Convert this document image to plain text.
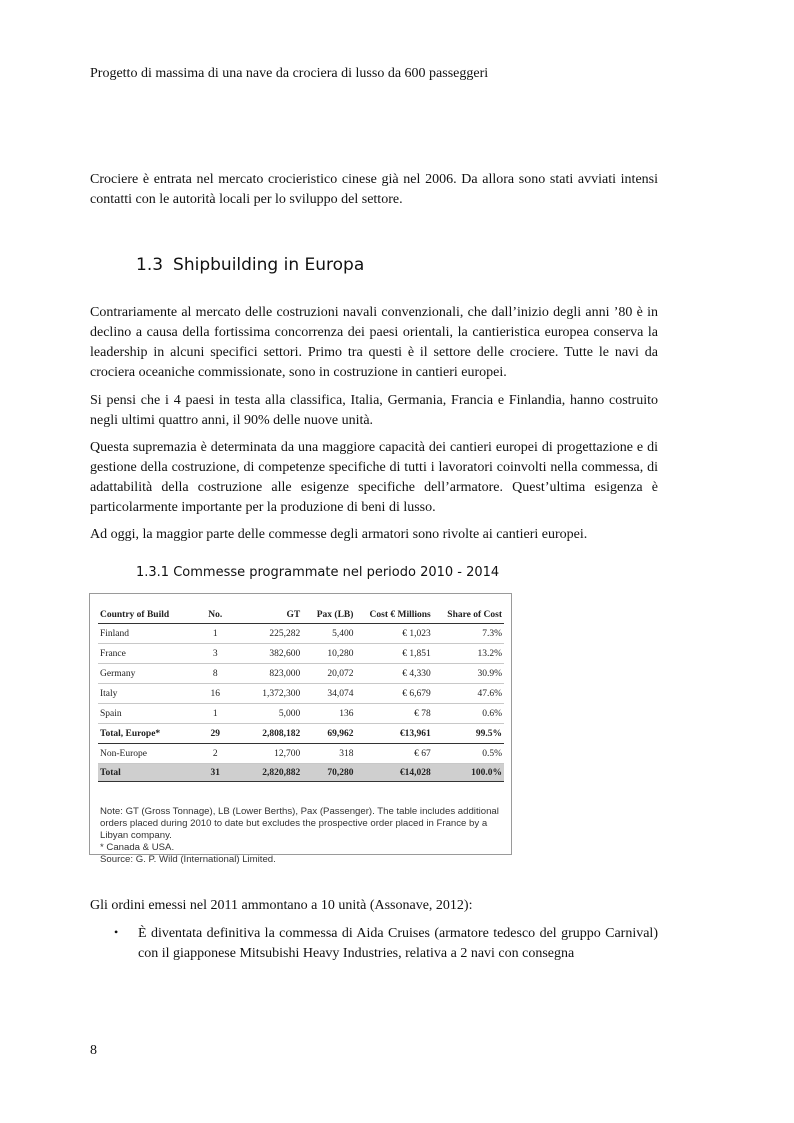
Progetto di massima di una nave da crociera di lusso da 600 passeggeri

Crociere è entrata nel mercato crocieristico cinese già nel 2006. Da allora sono stati avviati intensi contatti con le autorità locali per lo sviluppo del settore.

1.3 Shipbuilding in Europa

Contrariamente al mercato delle costruzioni navali convenzionali, che dall’inizio degli anni ’80 è in declino a causa della fortissima concorrenza dei paesi orientali, la cantieristica europea conserva la leadership in alcuni specifici settori. Primo tra questi è il settore delle crociere. Tutte le navi da crociera oceaniche commissionate, sono in costruzione in cantieri europei.

Si pensi che i 4 paesi in testa alla classifica, Italia, Germania, Francia e Finlandia, hanno costruito negli ultimi quattro anni, il 90% delle nuove unità.

Questa supremazia è determinata da una maggiore capacità dei cantieri europei di progettazione e di gestione della costruzione, di competenze specifiche di tutti i lavoratori coinvolti nella commessa, di adattabilità della costruzione alle esigenze specifiche dell’armatore. Quest’ultima esigenza è particolarmente importante per la produzione di beni di lusso.

Ad oggi, la maggior parte delle commesse degli armatori sono rivolte ai cantieri europei.

1.3.1 Commesse programmate nel periodo 2010 - 2014
Country of Build	No.	GT	Pax (LB)	Cost € Millions	Share of Cost
Finland	1	225,282	5,400	€ 1,023	7.3%
France	3	382,600	10,280	€ 1,851	13.2%
Germany	8	823,000	20,072	€ 4,330	30.9%
Italy	16	1,372,300	34,074	€ 6,679	47.6%
Spain	1	5,000	136	€ 78	0.6%
Total, Europe*	29	2,808,182	69,962	€13,961	99.5%
Non-Europe	2	12,700	318	€ 67	0.5%
Total	31	2,820,882	70,280	€14,028	100.0%
Note: GT (Gross Tonnage), LB (Lower Berths), Pax (Passenger). The table includes additional orders placed during 2010 to date but excludes the prospective order placed in France by a Libyan company.
* Canada & USA.
Source: G. P. Wild (International) Limited.

Gli ordini emessi nel 2011 ammontano a 10 unità (Assonave, 2012):

• È diventata definitiva la commessa di Aida Cruises (armatore tedesco del gruppo Carnival) con il giapponese Mitsubishi Heavy Industries, relativa a 2 navi con consegna

8
